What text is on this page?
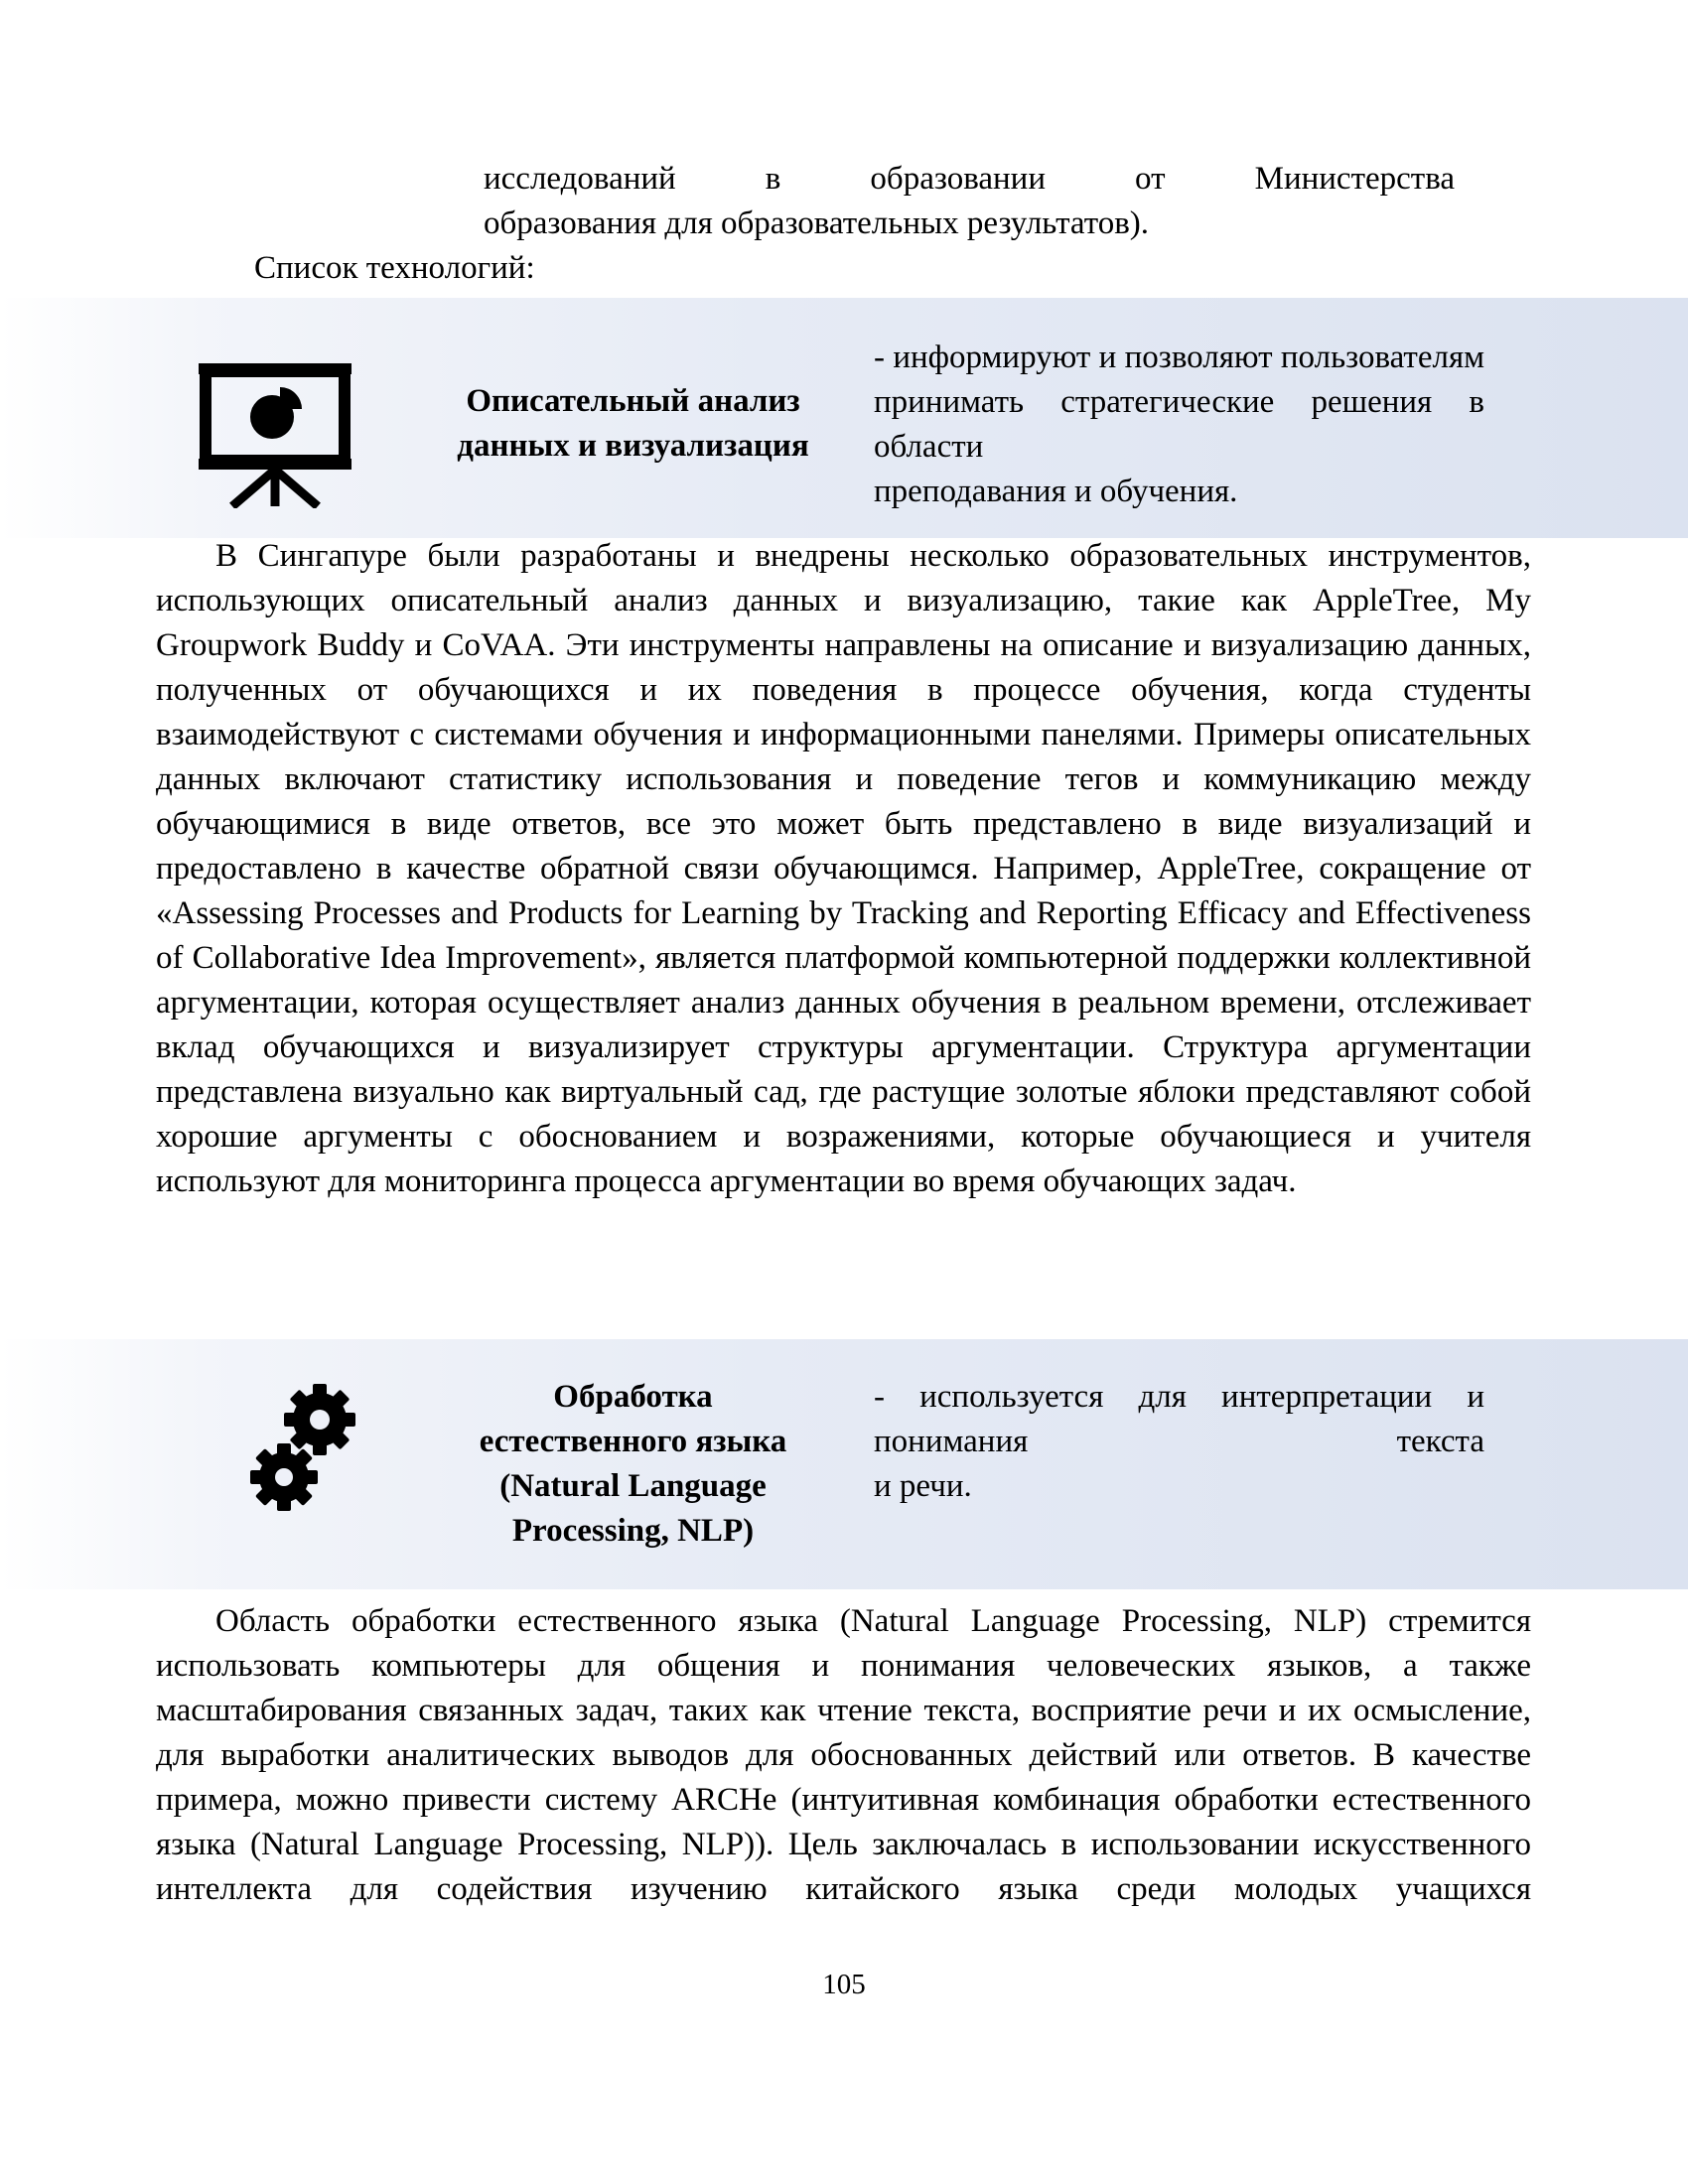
исследований в образовании от Министерства

образования для образовательных результатов).

Список технологий:

Описательный анализ
данных и визуализация

- информируют и позволяют пользователям принимать стратегические решения в области

преподавания и обучения.

В Сингапуре были разработаны и внедрены несколько образовательных инструментов, использующих описательный анализ данных и визуализацию, такие как AppleTree, My Groupwork Buddy и CoVAA. Эти инструменты направлены на описание и визуализацию данных, полученных от обучающихся и их поведения в процессе обучения, когда студенты взаимодействуют с системами обучения и информационными панелями. Примеры описательных данных включают статистику использования и поведение тегов и коммуникацию между обучающимися в виде ответов, все это может быть представлено в виде визуализаций и предоставлено в качестве обратной связи обучающимся. Например, AppleTree, сокращение от «Assessing Processes and Products for Learning by Tracking and Reporting Efficacy and Effectiveness of Collaborative Idea Improvement», является платформой компьютерной поддержки коллективной аргументации, которая осуществляет анализ данных обучения в реальном времени, отслеживает вклад обучающихся и визуализирует структуры аргументации. Структура аргументации представлена визуально как виртуальный сад, где растущие золотые яблоки представляют собой хорошие аргументы с обоснованием и возражениями, которые обучающиеся и учителя используют для мониторинга процесса аргументации во время обучающих задач.

Обработка
естественного языка
(Natural Language
Processing, NLP)

- используется для интерпретации и понимания текста

и речи.

Область обработки естественного языка (Natural Language Processing, NLP) стремится использовать компьютеры для общения и понимания человеческих языков, а также масштабирования связанных задач, таких как чтение текста, восприятие речи и их осмысление, для выработки аналитических выводов для обоснованных действий или ответов. В качестве примера, можно привести систему ARCHe (интуитивная комбинация обработки естественного языка (Natural Language Processing, NLP)). Цель заключалась в использовании искусственного интеллекта для содействия изучению китайского языка среди молодых учащихся

105
